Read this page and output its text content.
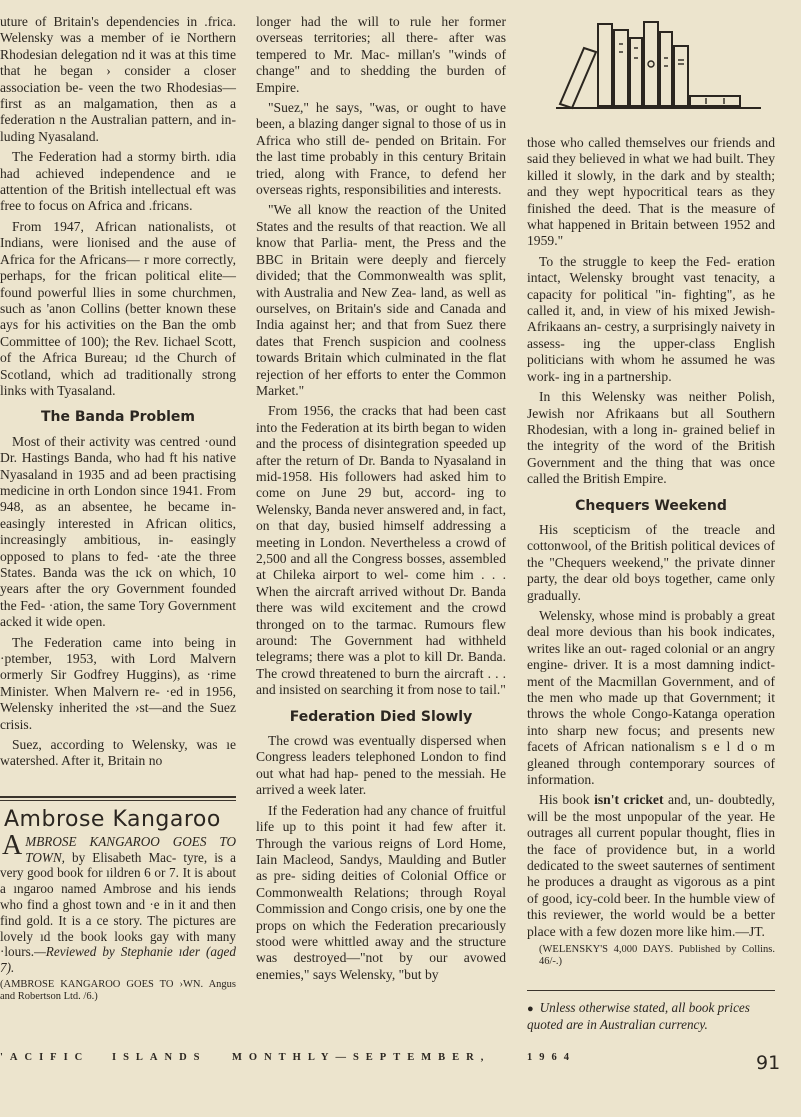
uture of Britain's dependencies in .frica. Welensky was a member of ie Northern Rhodesian delegation nd it was at this time that he began › consider a closer association be- veen the two Rhodesias—first as an malgamation, then as a federation n the Australian pattern, and in- luding Nyasaland.

The Federation had a stormy birth. ıdia had achieved independence and ıe attention of the British intellectual eft was free to focus on Africa and .fricans.

From 1947, African nationalists, ot Indians, were lionised and the ause of Africa for the Africans— r more correctly, perhaps, for the frican political elite—found powerful llies in some churchmen, such as 'anon Collins (better known these ays for his activities on the Ban the omb Committee of 100); the Rev. Iichael Scott, of the Africa Bureau; ıd the Church of Scotland, which ad traditionally strong links with Tyasaland.

The Banda Problem

Most of their activity was centred ·ound Dr. Hastings Banda, who had ft his native Nyasaland in 1935 and ad been practising medicine in orth London since 1941. From 948, as an absentee, he became in- easingly interested in African olitics, increasingly ambitious, in- easingly opposed to plans to fed- ·ate the three States. Banda was the ıck on which, 10 years after the ory Government founded the Fed- ·ation, the same Tory Government acked it wide open.

The Federation came into being in ·ptember, 1953, with Lord Malvern ormerly Sir Godfrey Huggins), as ·rime Minister. When Malvern re- ·ed in 1956, Welensky inherited the ›st—and the Suez crisis.

Suez, according to Welensky, was ıe watershed. After it, Britain no

Ambrose Kangaroo

AMBROSE KANGAROO GOES TO TOWN, by Elisabeth Mac- tyre, is a very good book for ıildren 6 or 7. It is about a ıngaroo named Ambrose and his iends who find a ghost town and ·e in it and then find gold. It is a ce story. The pictures are lovely ıd the book looks gay with many ·lours.—Reviewed by Stephanie ıder (aged 7).

(AMBROSE KANGAROO GOES TO ›WN. Angus and Robertson Ltd. /6.)

longer had the will to rule her former overseas territories; all there- after was tempered to Mr. Mac- millan's "winds of change" and to shedding the burden of Empire.

"Suez," he says, "was, or ought to have been, a blazing danger signal to those of us in Africa who still de- pended on Britain. For the last time probably in this century Britain tried, along with France, to defend her overseas rights, responsibilities and interests.

"We all know the reaction of the United States and the results of that reaction. We all know that Parlia- ment, the Press and the BBC in Britain were deeply and fiercely divided; that the Commonwealth was split, with Australia and New Zea- land, as well as ourselves, on Britain's side and Canada and India against her; and that from Suez there dates that French suspicion and coolness towards Britain which culminated in the flat rejection of her efforts to enter the Common Market."

From 1956, the cracks that had been cast into the Federation at its birth began to widen and the process of disintegration speeded up after the return of Dr. Banda to Nyasaland in mid-1958. His followers had asked him to come on June 29 but, accord- ing to Welensky, Banda never answered and, in fact, on that day, busied himself addressing a meeting in London. Nevertheless a crowd of 2,500 and all the Congress bosses, assembled at Chileka airport to wel- come him . . . When the aircraft arrived without Dr. Banda there was wild excitement and the crowd thronged on to the tarmac. Rumours flew around: The Government had withheld telegrams; there was a plot to kill Dr. Banda. The crowd threatened to burn the aircraft . . . and insisted on searching it from nose to tail."

Federation Died Slowly

The crowd was eventually dispersed when Congress leaders telephoned London to find out what had hap- pened to the messiah. He arrived a week later.

If the Federation had any chance of fruitful life up to this point it had few after it. Through the various reigns of Lord Home, Iain Macleod, Sandys, Maulding and Butler as pre- siding deities of Colonial Office or Commonwealth Relations; through Royal Commission and Congo crisis, one by one the props on which the Federation precariously stood were whittled away and the structure was destroyed—"not by our avowed enemies," says Welensky, "but by

those who called themselves our friends and said they believed in what we had built. They killed it slowly, in the dark and by stealth; and they wept hypocritical tears as they finished the deed. That is the measure of what happened in Britain between 1952 and 1959."

To the struggle to keep the Fed- eration intact, Welensky brought vast tenacity, a capacity for political "in- fighting", as he called it, and, in view of his mixed Jewish-Afrikaans an- cestry, a surprisingly naivety in assess- ing the upper-class English politicians with whom he assumed he was work- ing in a partnership.

In this Welensky was neither Polish, Jewish nor Afrikaans but all Southern Rhodesian, with a long in- grained belief in the integrity of the word of the British Government and the thing that was once called the British Empire.

Chequers Weekend

His scepticism of the treacle and cottonwool, of the British political devices of the "Chequers weekend," the private dinner party, the dear old boys together, came only gradually.

Welensky, whose mind is probably a great deal more devious than his book indicates, writes like an out- raged colonial or an angry engine- driver. It is a most damning indict- ment of the Macmillan Government, and of the men who made up that Government; it throws the whole Congo-Katanga operation into sharp new focus; and presents new facets of African nationalism s e l d o m gleaned through contemporary sources of information.

His book isn't cricket and, un- doubtedly, will be the most unpopular of the year. He outrages all current popular thought, flies in the face of providence but, in a world dedicated to the sweet sauternes of sentiment he produces a draught as vigorous as a pint of good, icy-cold beer. In the humble view of this reviewer, the world would be a better place with a few dozen more like him.—JT.

(WELENSKY'S 4,000 DAYS. Published by Collins. 46/-.)

● Unless otherwise stated, all book prices quoted are in Australian currency.
'ACIFIC ISLANDS MONTHLY—SEPTEMBER,	1964	91
